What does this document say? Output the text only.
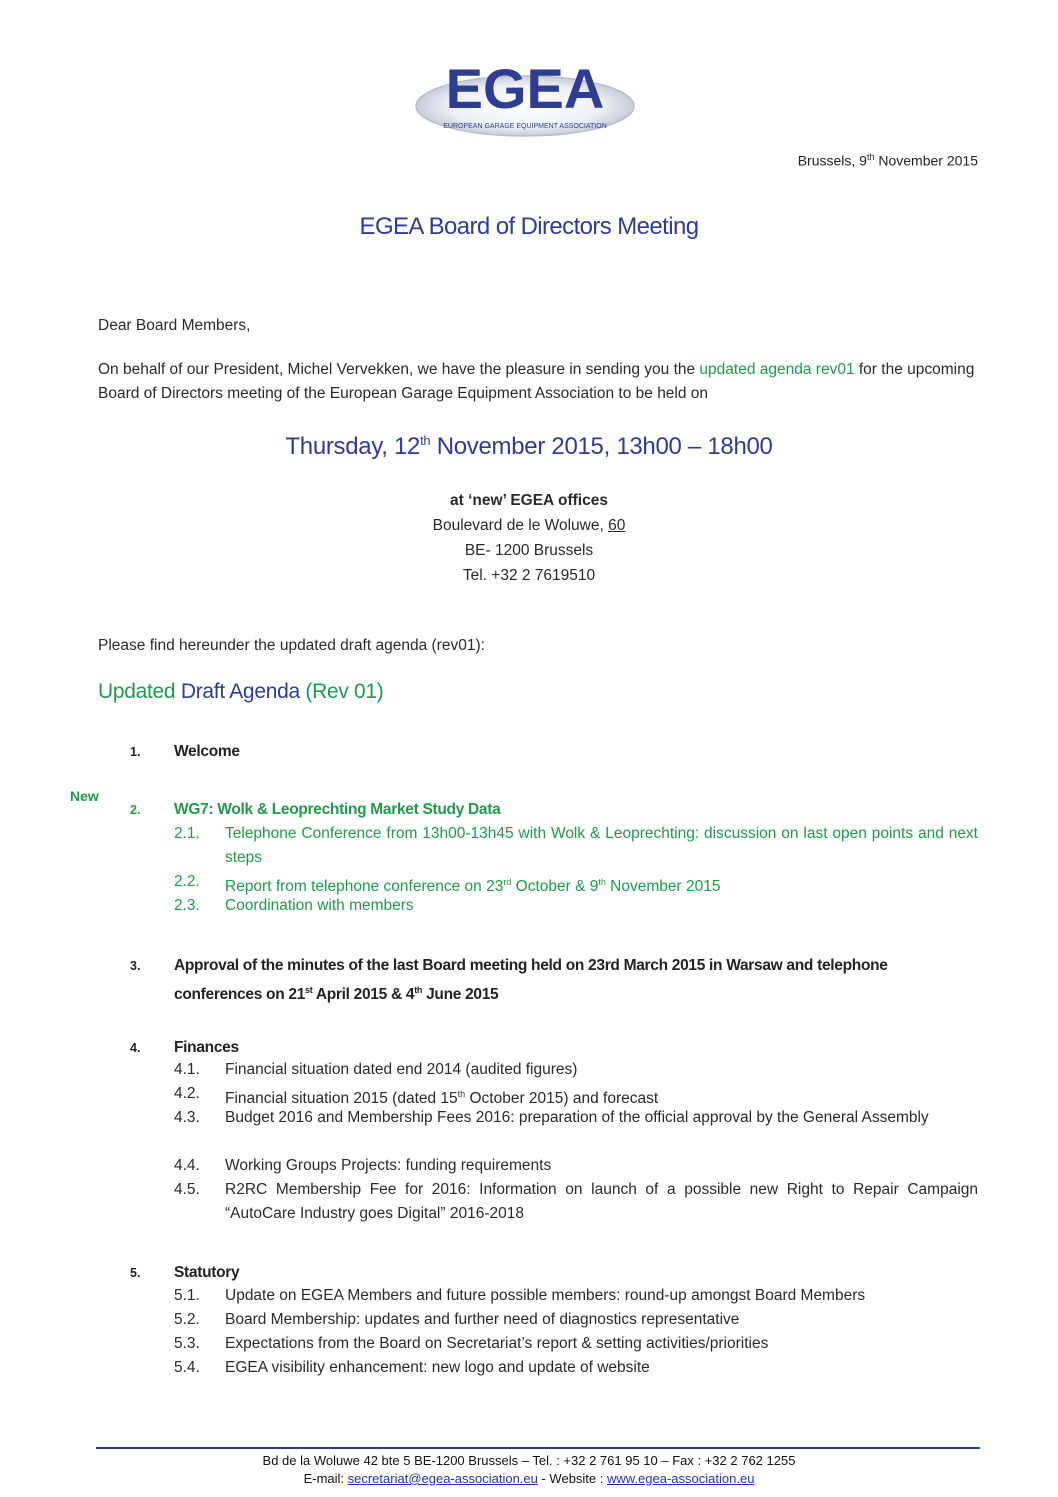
EGEA
EUROPEAN GARAGE EQUIPMENT ASSOCIATION
Brussels, 9th November 2015
EGEA Board of Directors Meeting
Dear Board Members,
On behalf of our President, Michel Vervekken, we have the pleasure in sending you the updated agenda rev01 for the upcoming Board of Directors meeting of the European Garage Equipment Association to be held on
Thursday, 12th November 2015, 13h00 – 18h00
at ‘new’ EGEA offices
Boulevard de le Woluwe, 60
BE- 1200 Brussels
Tel. +32 2 7619510
Please find hereunder the updated draft agenda (rev01):
Updated Draft Agenda (Rev 01)
New
1. Welcome
2. WG7: Wolk & Leoprechting Market Study Data
2.1. Telephone Conference from 13h00-13h45 with Wolk & Leoprechting: discussion on last open points and next steps
2.2. Report from telephone conference on 23rd October & 9th November 2015
2.3. Coordination with members
3. Approval of the minutes of the last Board meeting held on 23rd March 2015 in Warsaw and telephone conferences on 21st April 2015 & 4th June 2015
4. Finances
4.1. Financial situation dated end 2014 (audited figures)
4.2. Financial situation 2015 (dated 15th October 2015) and forecast
4.3. Budget 2016 and Membership Fees 2016: preparation of the official approval by the General Assembly
4.4. Working Groups Projects: funding requirements
4.5. R2RC Membership Fee for 2016: Information on launch of a possible new Right to Repair Campaign “AutoCare Industry goes Digital” 2016-2018
5. Statutory
5.1. Update on EGEA Members and future possible members: round-up amongst Board Members
5.2. Board Membership: updates and further need of diagnostics representative
5.3. Expectations from the Board on Secretariat’s report & setting activities/priorities
5.4. EGEA visibility enhancement: new logo and update of website
Bd de la Woluwe 42 bte 5 BE-1200 Brussels – Tel. : +32 2 761 95 10 – Fax : +32 2 762 1255
E-mail: secretariat@egea-association.eu - Website : www.egea-association.eu
